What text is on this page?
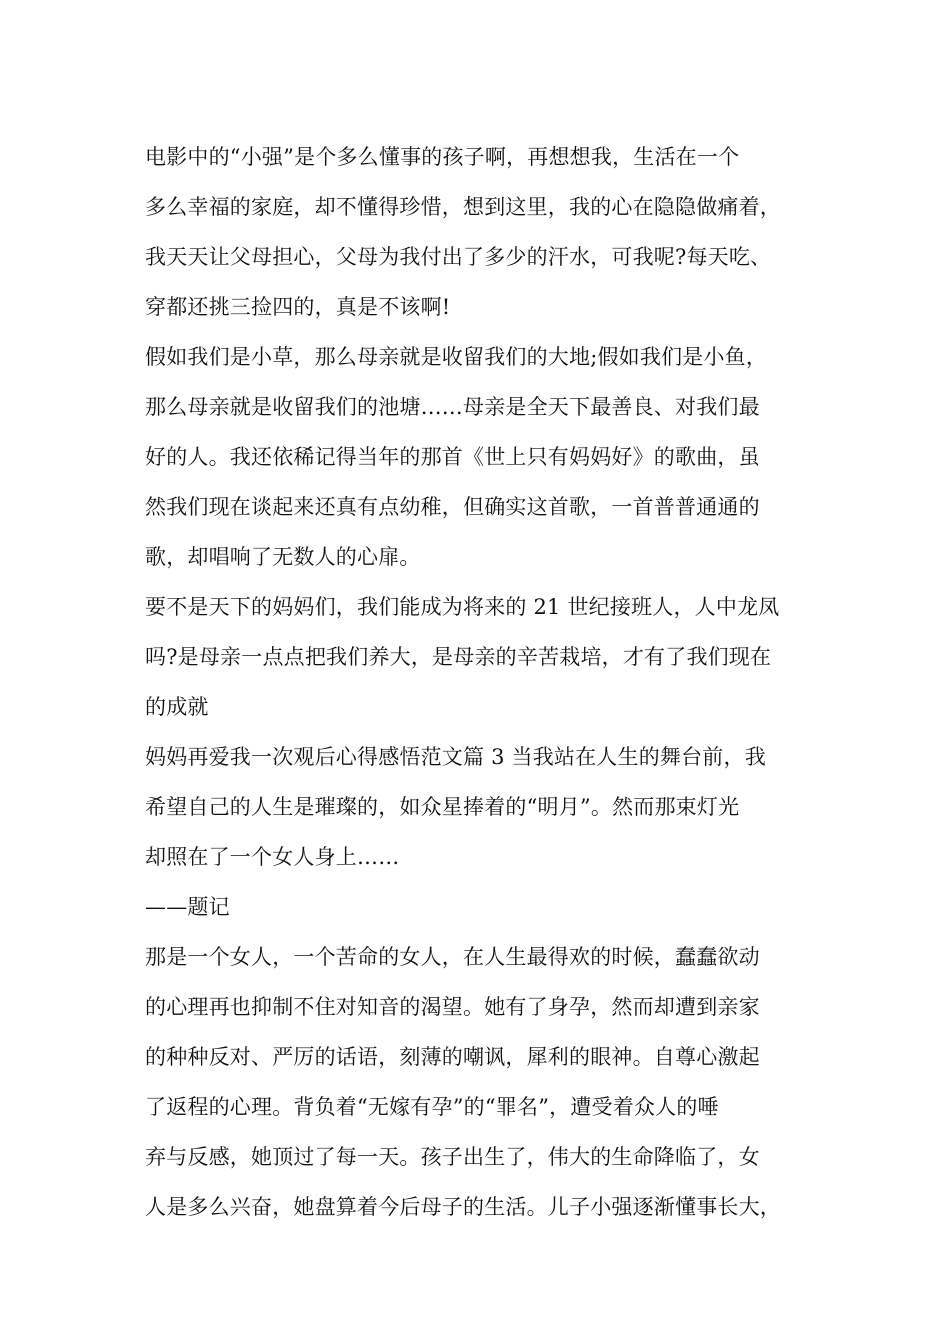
电影中的“小强”是个多么懂事的孩子啊，再想想我，生活在一个
多么幸福的家庭，却不懂得珍惜，想到这里，我的心在隐隐做痛着，
我天天让父母担心，父母为我付出了多少的汗水，可我呢?每天吃、
穿都还挑三捡四的，真是不该啊!
假如我们是小草，那么母亲就是收留我们的大地;假如我们是小鱼，
那么母亲就是收留我们的池塘……母亲是全天下最善良、对我们最
好的人。我还依稀记得当年的那首《世上只有妈妈好》的歌曲，虽
然我们现在谈起来还真有点幼稚，但确实这首歌，一首普普通通的
歌，却唱响了无数人的心扉。
要不是天下的妈妈们，我们能成为将来的 21 世纪接班人，人中龙凤
吗?是母亲一点点把我们养大，是母亲的辛苦栽培，才有了我们现在
的成就
妈妈再爱我一次观后心得感悟范文篇 3 当我站在人生的舞台前，我
希望自己的人生是璀璨的，如众星捧着的“明月”。然而那束灯光
却照在了一个女人身上……
——题记
那是一个女人，一个苦命的女人，在人生最得欢的时候，蠢蠢欲动
的心理再也抑制不住对知音的渴望。她有了身孕，然而却遭到亲家
的种种反对、严厉的话语，刻薄的嘲讽，犀利的眼神。自尊心激起
了返程的心理。背负着“无嫁有孕”的“罪名”，遭受着众人的唾
弃与反感，她顶过了每一天。孩子出生了，伟大的生命降临了，女
人是多么兴奋，她盘算着今后母子的生活。儿子小强逐渐懂事长大，
